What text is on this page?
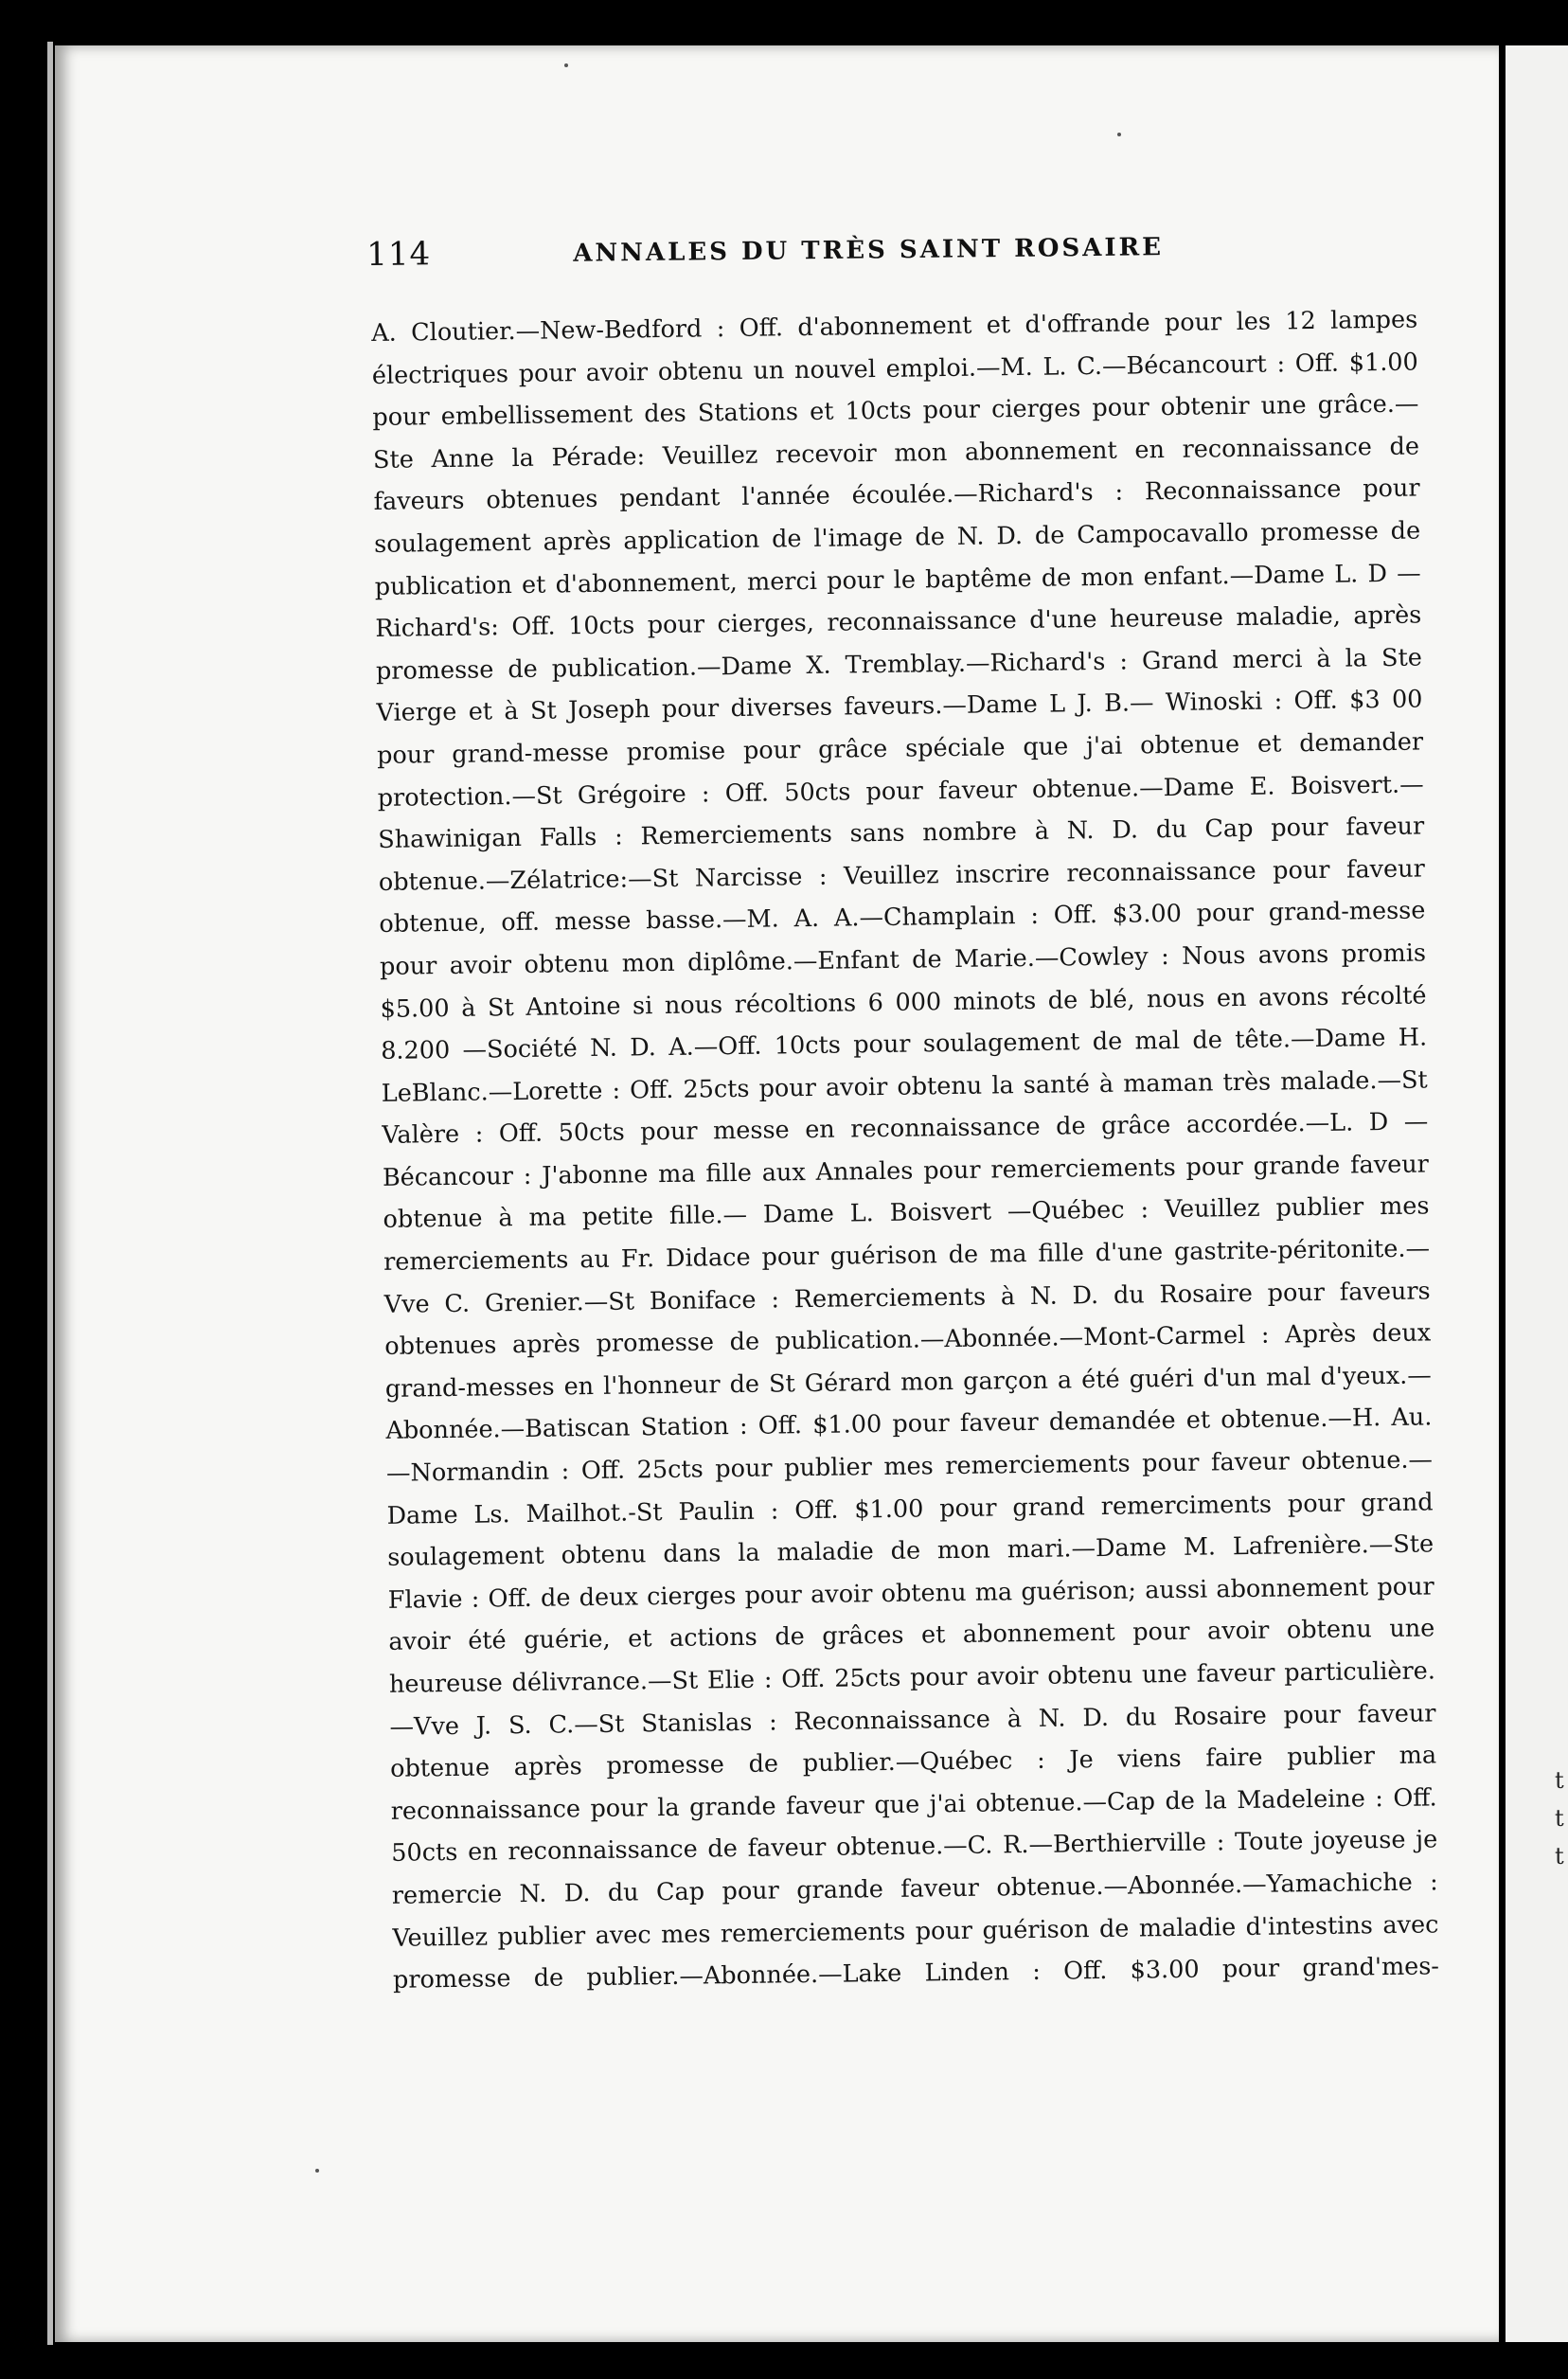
t
t
t
114	ANNALES DU TRÈS SAINT ROSAIRE

A. Cloutier.—New-Bedford : Off. d'abonnement et d'offrande pour les 12 lampes électriques pour avoir obtenu un nouvel emploi.—M. L. C.—Bécancourt : Off. $1.00 pour embellissement des Stations et 10cts pour cierges pour obtenir une grâce.—Ste Anne la Pérade: Veuillez recevoir mon abonnement en reconnaissance de faveurs obtenues pendant l'année écoulée.—Richard's : Reconnaissance pour soulagement après application de l'image de N. D. de Campocavallo promesse de publication et d'abonnement, merci pour le baptême de mon enfant.—Dame L. D —Richard's: Off. 10cts pour cierges, reconnaissance d'une heureuse maladie, après promesse de publication.—Dame X. Tremblay.—Richard's : Grand merci à la Ste Vierge et à St Joseph pour diverses faveurs.—Dame L J. B.— Winoski : Off. $3 00 pour grand-messe promise pour grâce spéciale que j'ai obtenue et demander protection.—St Grégoire : Off. 50cts pour faveur obtenue.—Dame E. Boisvert.—Shawinigan Falls : Remerciements sans nombre à N. D. du Cap pour faveur obtenue.—Zélatrice:—St Narcisse : Veuillez inscrire reconnaissance pour faveur obtenue, off. messe basse.—M. A. A.—Champlain : Off. $3.00 pour grand-messe pour avoir obtenu mon diplôme.—Enfant de Marie.—Cowley : Nous avons promis $5.00 à St Antoine si nous récoltions 6 000 minots de blé, nous en avons récolté 8.200 —Société N. D. A.—Off. 10cts pour soulagement de mal de tête.—Dame H. LeBlanc.—Lorette : Off. 25cts pour avoir obtenu la santé à maman très malade.—St Valère : Off. 50cts pour messe en reconnaissance de grâce accordée.—L. D —Bécancour : J'abonne ma fille aux Annales pour remerciements pour grande faveur obtenue à ma petite fille.— Dame L. Boisvert —Québec : Veuillez publier mes remerciements au Fr. Didace pour guérison de ma fille d'une gastrite-péritonite.—Vve C. Grenier.—St Boniface : Remerciements à N. D. du Rosaire pour faveurs obtenues après promesse de publication.—Abonnée.—Mont-Carmel : Après deux grand-messes en l'honneur de St Gérard mon garçon a été guéri d'un mal d'yeux.—Abonnée.—Batiscan Station : Off. $1.00 pour faveur demandée et obtenue.—H. Au.—Normandin : Off. 25cts pour publier mes remerciements pour faveur obtenue.—Dame Ls. Mailhot.-St Paulin : Off. $1.00 pour grand remerciments pour grand soulagement obtenu dans la maladie de mon mari.—Dame M. Lafrenière.—Ste Flavie : Off. de deux cierges pour avoir obtenu ma guérison; aussi abonnement pour avoir été guérie, et actions de grâces et abonnement pour avoir obtenu une heureuse délivrance.—St Elie : Off. 25cts pour avoir obtenu une faveur particulière.—Vve J. S. C.—St Stanislas : Reconnaissance à N. D. du Rosaire pour faveur obtenue après promesse de publier.—Québec : Je viens faire publier ma reconnaissance pour la grande faveur que j'ai obtenue.—Cap de la Madeleine : Off. 50cts en reconnaissance de faveur obtenue.—C. R.—Berthierville : Toute joyeuse je remercie N. D. du Cap pour grande faveur obtenue.—Abonnée.—Yamachiche : Veuillez publier avec mes remerciements pour guérison de maladie d'intestins avec promesse de publier.—Abonnée.—Lake Linden : Off. $3.00 pour grand'mes-
